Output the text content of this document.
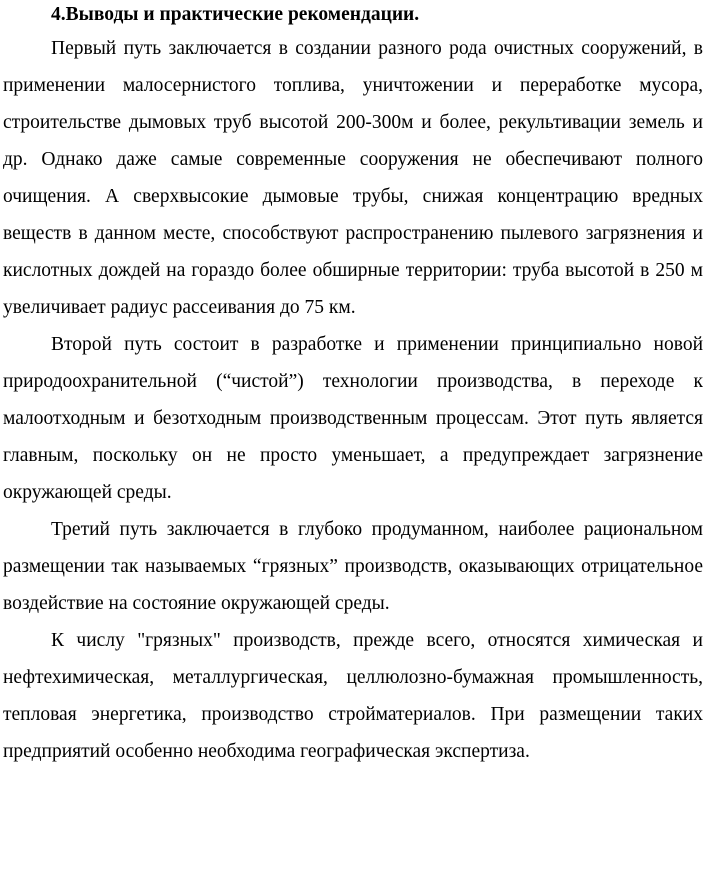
4.Выводы и практические рекомендации.

Первый путь заключается в создании разного рода очистных сооружений, в применении малосернистого топлива, уничтожении и переработке мусора, строительстве дымовых труб высотой 200-300м и более, рекультивации земель и др. Однако даже самые современные сооружения не обеспечивают полного очищения. А сверхвысокие дымовые трубы, снижая концентрацию вредных веществ в данном месте, способствуют распространению пылевого загрязнения и кислотных дождей на гораздо более обширные территории: труба высотой в 250 м увеличивает радиус рассеивания до 75 км.

Второй путь состоит в разработке и применении принципиально новой природоохранительной (“чистой”) технологии производства, в переходе к малоотходным и безотходным производственным процессам. Этот путь является главным, поскольку он не просто уменьшает, а предупреждает загрязнение окружающей среды.

Третий путь заключается в глубоко продуманном, наиболее рациональном размещении так называемых “грязных” производств, оказывающих отрицательное воздействие на состояние окружающей среды.

К числу "грязных" производств, прежде всего, относятся химическая и нефтехимическая, металлургическая, целлюлозно-бумажная промышленность, тепловая энергетика, производство стройматериалов. При размещении таких предприятий особенно необходима географическая экспертиза.
